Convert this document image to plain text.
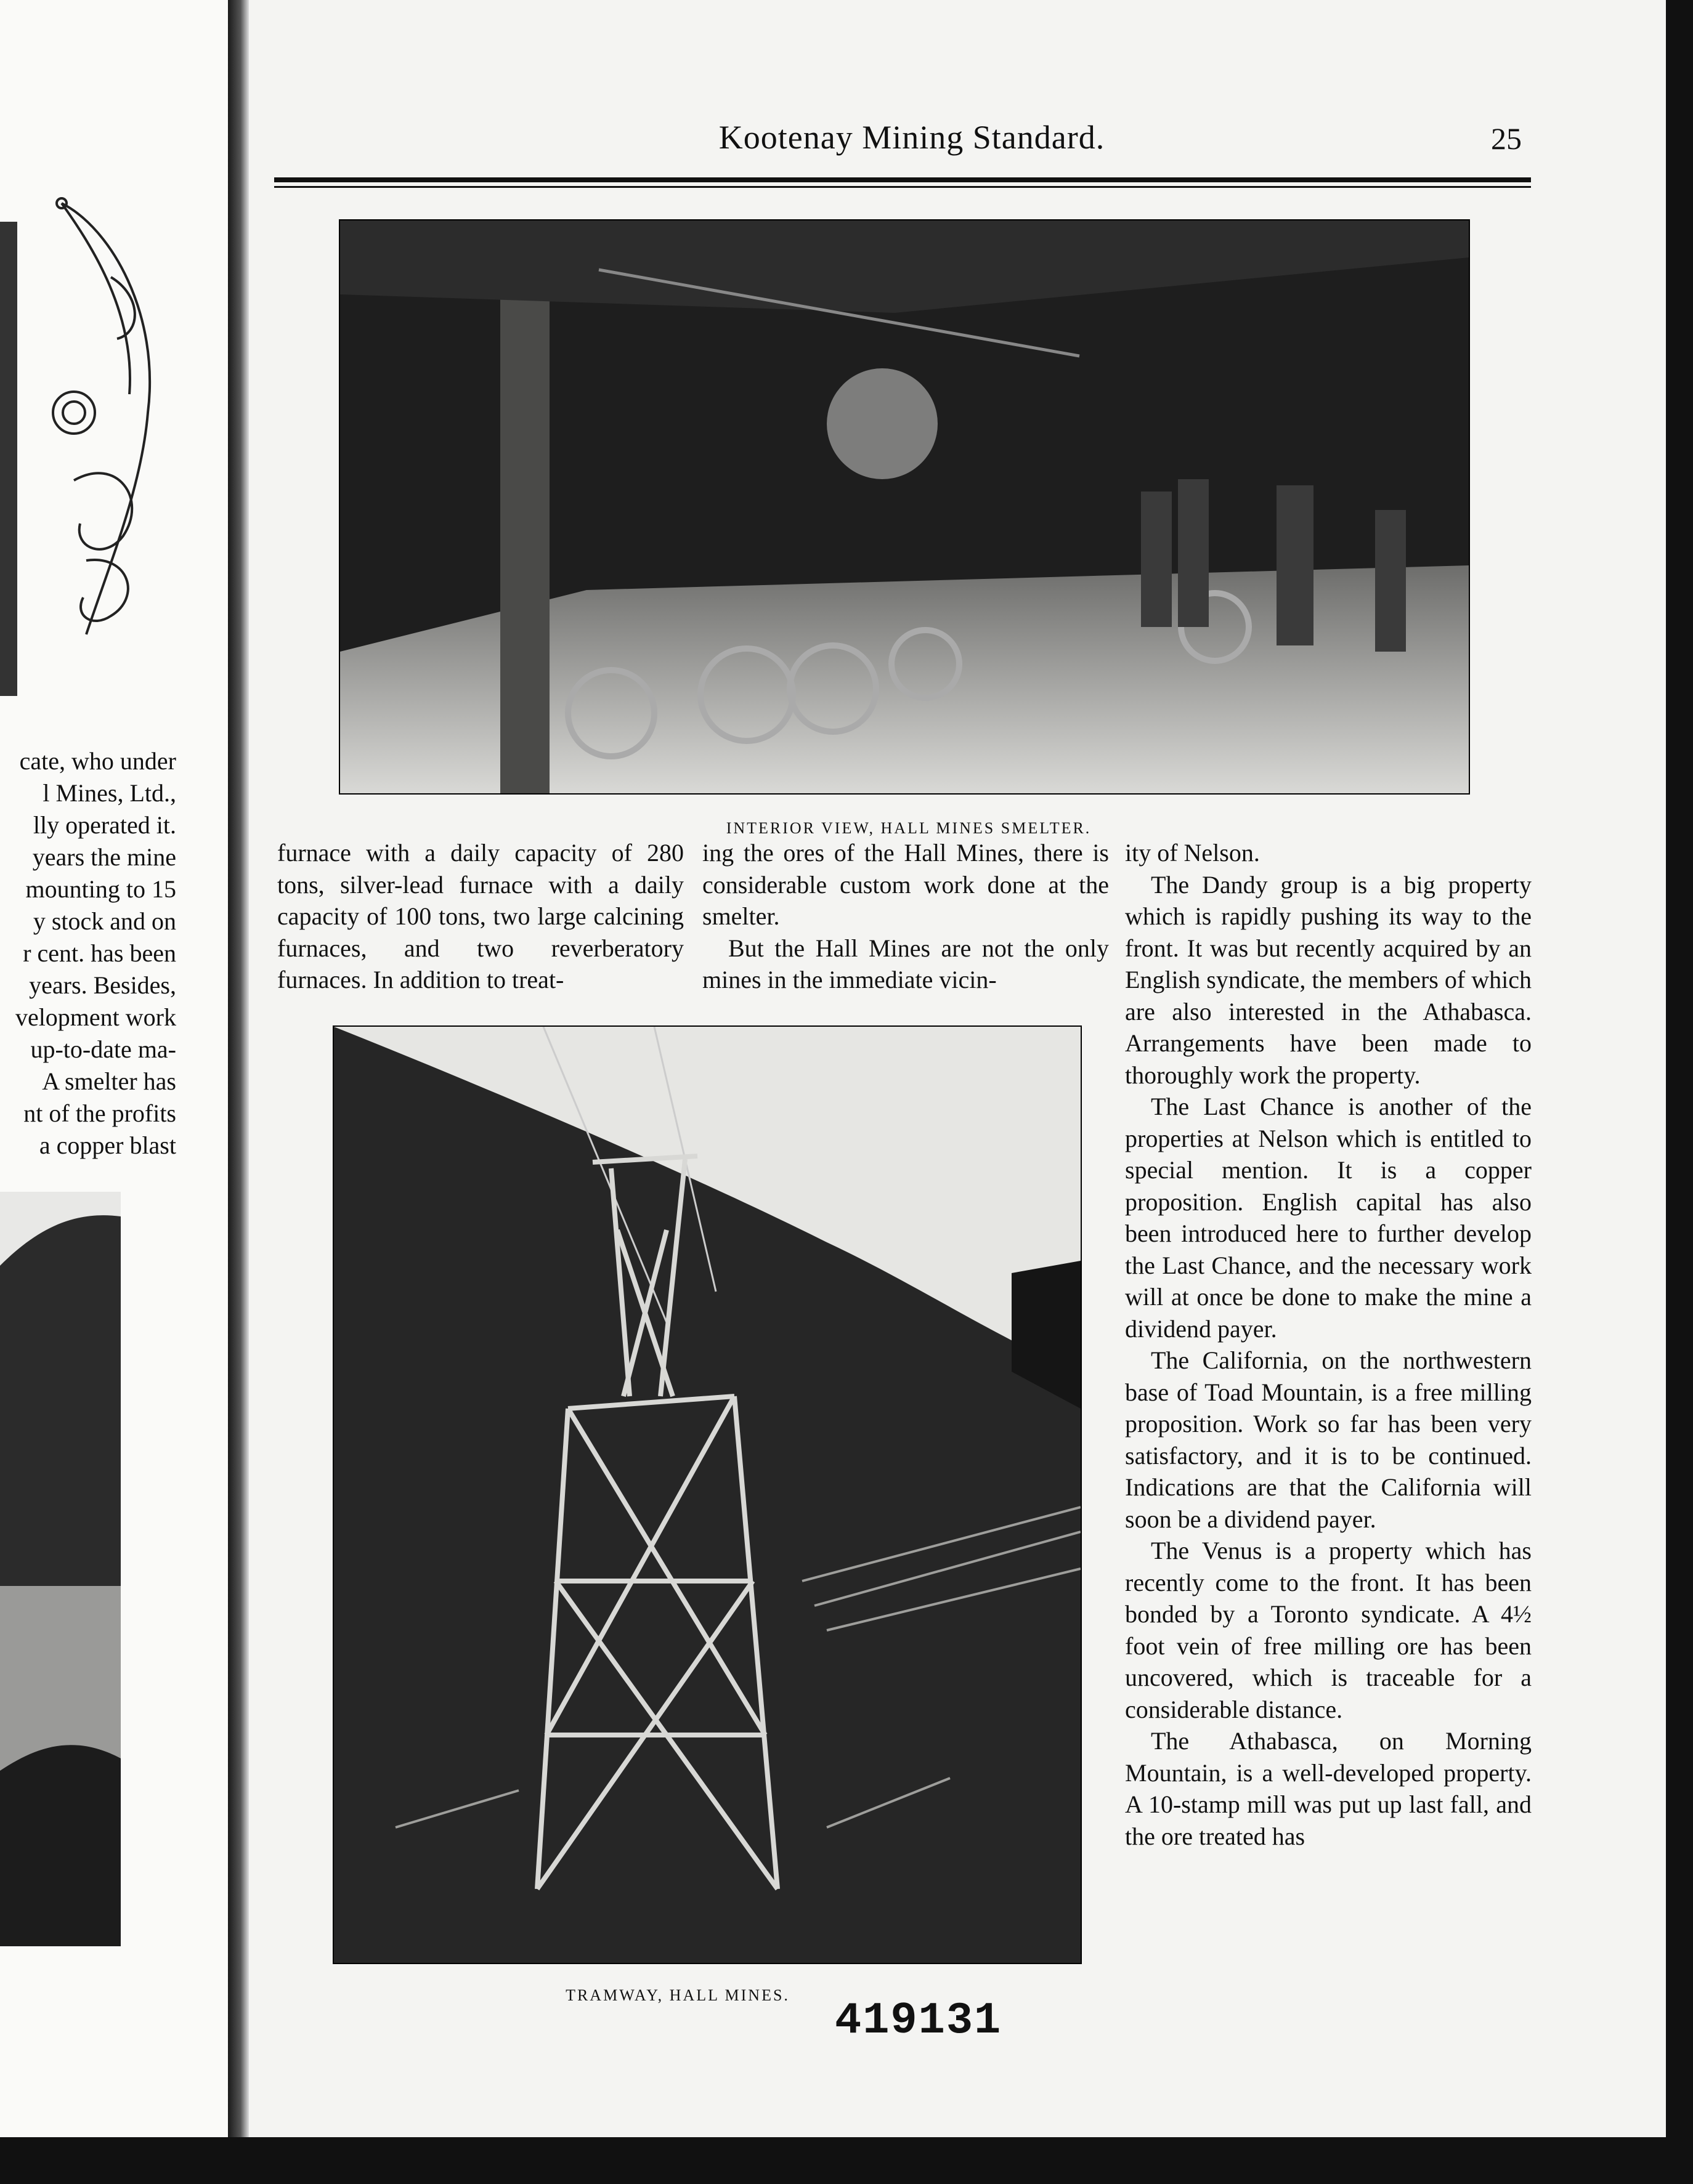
cate, who under
l Mines, Ltd.,
lly operated it.
years the mine
mounting to 15
y stock and on
r cent. has been
years. Besides,
velopment work
up-to-date ma-
A smelter has
nt of the profits
a copper blast
Kootenay Mining Standard.	25
INTERIOR VIEW, HALL MINES SMELTER.

furnace with a daily capacity of 280 tons, silver-lead furnace with a daily capacity of 100 tons, two large calcining furnaces, and two reverberatory furnaces. In addition to treat-

ing the ores of the Hall Mines, there is considerable custom work done at the smelter.

But the Hall Mines are not the only mines in the immediate vicin-

TRAMWAY, HALL MINES.

ity of Nelson.

The Dandy group is a big property which is rapidly pushing its way to the front. It was but recently acquired by an English syndicate, the members of which are also interested in the Athabasca. Arrangements have been made to thoroughly work the property.

The Last Chance is another of the properties at Nelson which is entitled to special mention. It is a copper proposition. English capital has also been introduced here to further develop the Last Chance, and the necessary work will at once be done to make the mine a dividend payer.

The California, on the northwestern base of Toad Mountain, is a free milling proposition. Work so far has been very satisfactory, and it is to be continued. Indications are that the California will soon be a dividend payer.

The Venus is a property which has recently come to the front. It has been bonded by a Toronto syndicate. A 4½ foot vein of free milling ore has been uncovered, which is traceable for a considerable distance.

The Athabasca, on Morning Mountain, is a well-developed property. A 10-stamp mill was put up last fall, and the ore treated has

419131
